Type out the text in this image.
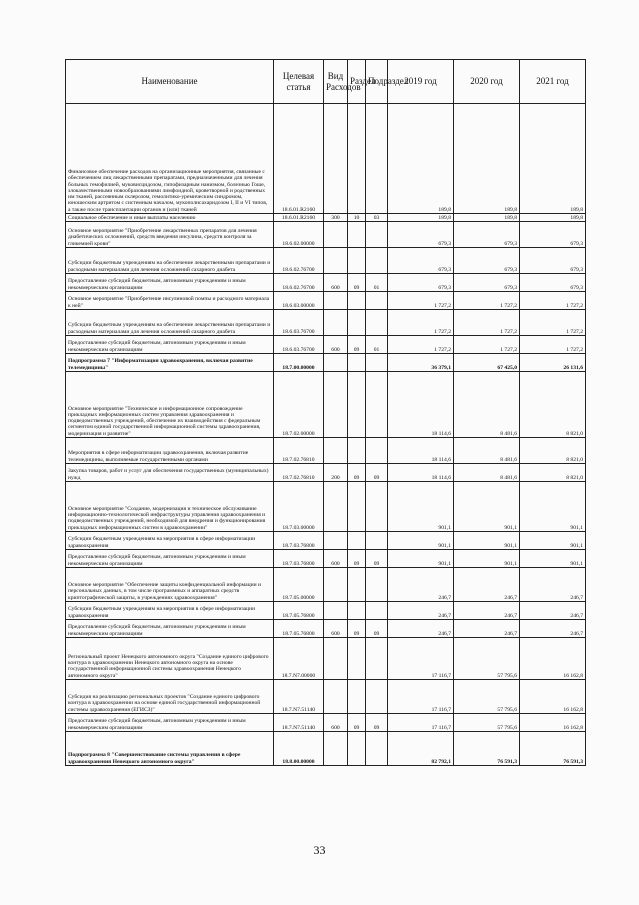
Наименование	Целевая статья	Вид Расходов	Раздел	Подраздел	2019 год	2020 год	2021 год
Финансовое обеспечение расходов на организационные мероприятия, связанные с обеспечением лиц лекарственными препаратами, предназначенными для лечения больных гемофилией, муковисцидозом, гипофизарным нанизмом, болезнью Гоше, злокачественными новообразованиями лимфоидной, кроветворной и родственных им тканей, рассеянным склерозом, гемолитико-уремическим синдромом, юношеским артритом с системным началом, мукополисахаридозом I, II и VI типов, а также после трансплантации органов и (или) тканей	18.6.01.R2160				189,8	189,8	189,8
Социальное обеспечение и иные выплаты населению	18.6.01.R2160	300	10	03	189,8	189,8	189,8
Основное мероприятие "Приобретение лекарственных препаратов для лечения диабетических осложнений, средств введения инсулина, средств контроля за гликемией крови"	18.6.02.00000				679,3	679,3	679,3
Субсидии бюджетным учреждениям на обеспечение лекарственными препаратами и расходными материалами для лечения осложнений сахарного диабета	18.6.02.76700				679,3	679,3	679,3
Предоставление субсидий бюджетным, автономным учреждениям и иным некоммерческим организациям	18.6.02.76700	600	09	01	679,3	679,3	679,3
Основное мероприятие "Приобретение инсулиновой помпы и расходного материала к ней"	18.6.03.00000				1 727,2	1 727,2	1 727,2
Субсидии бюджетным учреждениям на обеспечение лекарственными препаратами и расходными материалами для лечения осложнений сахарного диабета	18.6.03.76700				1 727,2	1 727,2	1 727,2
Предоставление субсидий бюджетным, автономным учреждениям и иным некоммерческим организациям	18.6.03.76700	600	09	01	1 727,2	1 727,2	1 727,2
Подпрограмма 7 "Информатизация здравоохранения, включая развитие телемедицины"	18.7.00.00000				36 379,1	67 425,0	26 131,6
Основное мероприятие "Техническое и информационное сопровождение прикладных информационных систем управления здравоохранения и подведомственных учреждений, обеспечение их взаимодействия с федеральным сегментом единой государственной информационной системы здравоохранения, модернизация и развитие"	18.7.02.00000				18 114,6	8 481,6	8 821,0
Мероприятия в сфере информатизации здравоохранения, включая развитие телемедицины, выполняемые государственными органами	18.7.02.76810				18 114,6	8 481,6	8 821,0
Закупка товаров, работ и услуг для обеспечения государственных (муниципальных) нужд	18.7.02.76810	200	09	09	18 114,6	8 481,6	8 821,0
Основное мероприятие "Создание, модернизация и техническое обслуживание информационно-технологической инфраструктуры управления здравоохранения и подведомственных учреждений, необходимой для внедрения и функционирования прикладных информационных систем в здравоохранении"	18.7.03.00000				901,1	901,1	901,1
Субсидии бюджетным учреждениям на мероприятия в сфере информатизации здравоохранения	18.7.03.76800				901,1	901,1	901,1
Предоставление субсидий бюджетным, автономным учреждениям и иным некоммерческим организациям	18.7.03.76800	600	09	09	901,1	901,1	901,1
Основное мероприятие "Обеспечение защиты конфиденциальной информации и персональных данных, в том числе программных и аппаратных средств криптографической защиты, в учреждениях здравоохранения"	18.7.05.00000				246,7	246,7	246,7
Субсидии бюджетным учреждениям на мероприятия в сфере информатизации здравоохранения	18.7.05.76800				246,7	246,7	246,7
Предоставление субсидий бюджетным, автономным учреждениям и иным некоммерческим организациям	18.7.05.76800	600	09	09	246,7	246,7	246,7
Региональный проект Ненецкого автономного округа "Создание единого цифрового контура в здравоохранении Ненецкого автономного округа на основе государственной информационной системы здравоохранения Ненецкого автономного округа"	18.7.N7.00000				17 116,7	57 795,6	16 162,8
Субсидия на реализацию региональных проектов "Создание единого цифрового контура в здравоохранении на основе единой государственной информационной системы здравоохранения (ЕГИСЗ)"	18.7.N7.51140				17 116,7	57 795,6	16 162,8
Предоставление субсидий бюджетным, автономным учреждениям и иным некоммерческим организациям	18.7.N7.51140	600	09	09	17 116,7	57 795,6	16 162,8
Подпрограмма 8 "Совершенствование системы управления в сфере здравоохранения Ненецкого автономного округа"	18.8.00.00000				82 792,1	76 591,3	76 591,3
33
